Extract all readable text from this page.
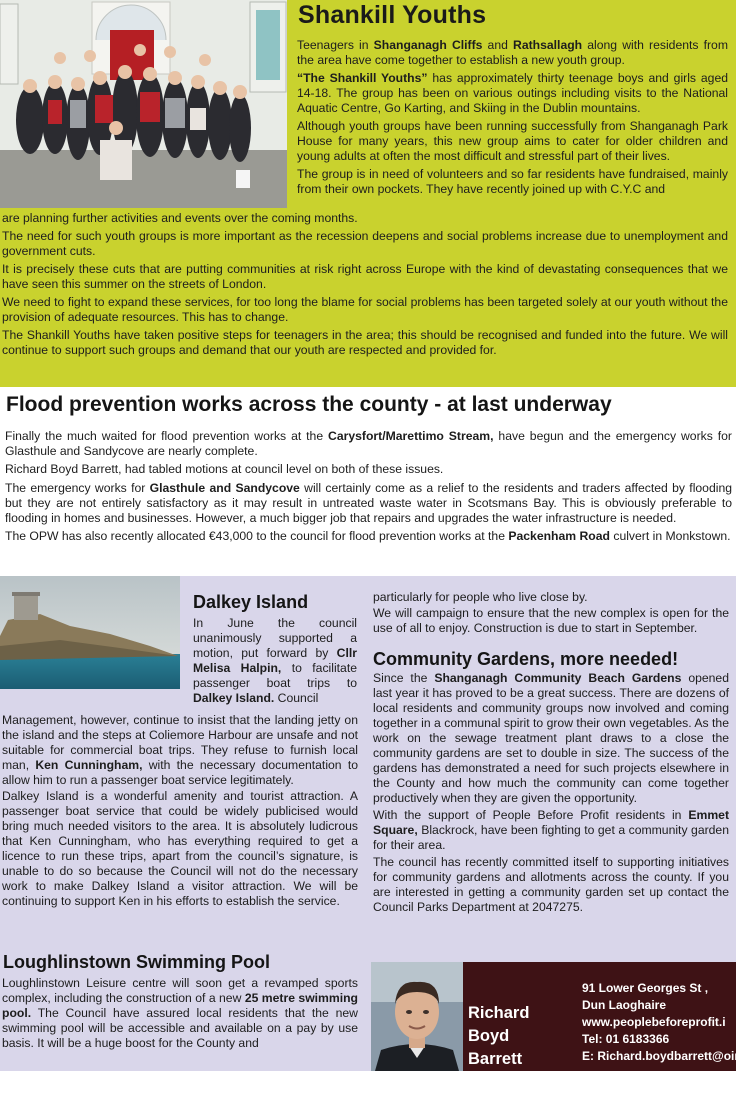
Shankill Youths

Teenagers in Shanganagh Cliffs and Rathsallagh along with residents from the area have come together to establish a new youth group.

“The Shankill Youths” has approximately thirty teenage boys and girls aged 14-18. The group has been on various outings including visits to the National Aquatic Centre, Go Karting, and Skiing in the Dublin mountains.

Although youth groups have been running successfully from Shanganagh Park House for many years, this new group aims to cater for older children and young adults at often the most difficult and stressful part of their lives.

The group is in need of volunteers and so far residents have fundraised, mainly from their own pockets. They have recently joined up with C.Y.C and

are planning further activities and events over the coming months.

The need for such youth groups is more important as the recession deepens and social problems increase due to unemployment and government cuts.

It is precisely these cuts that are putting communities at risk right across Europe with the kind of devastating consequences that we have seen this summer on the streets of London.

We need to fight to expand these services, for too long the blame for social problems has been targeted solely at our youth without the provision of adequate resources. This has to change.

The Shankill Youths have taken positive steps for teenagers in the area; this should be recognised and funded into the future. We will continue to support such groups and demand that our youth are respected and provided for.

Flood prevention works across the county - at last underway

Finally the much waited for flood prevention works at the Carysfort/Marettimo Stream, have begun and the emergency works for Glasthule and Sandycove are nearly complete.

Richard Boyd Barrett, had tabled motions at council level on both of these issues.

The emergency works for Glasthule and Sandycove will certainly come as a relief to the residents and traders affected by flooding but they are not entirely satisfactory as it may result in untreated waste water in Scotsmans Bay. This is obviously preferable to flooding in homes and businesses. However, a much bigger job that repairs and upgrades the water infrastructure is needed.

The OPW has also recently allocated €43,000 to the council for flood prevention works at the Packenham Road culvert in Monkstown.

Dalkey Island
In June the council unanimously supported a motion, put forward by Cllr Melisa Halpin, to facilitate passenger boat trips to Dalkey Island. Council

Management, however, continue to insist that the landing jetty on the island and the steps at Coliemore Harbour are unsafe and not suitable for commercial boat trips. They refuse to furnish local man, Ken Cunningham, with the necessary documentation to allow him to run a passenger boat service legitimately.

Dalkey Island is a wonderful amenity and tourist attraction. A passenger boat service that could be widely publicised would bring much needed visitors to the area. It is absolutely ludicrous that Ken Cunningham, who has everything required to get a licence to run these trips, apart from the council’s signature, is unable to do so because the Council will not do the necessary work to make Dalkey Island a visitor attraction. We will be continuing to support Ken in his efforts to establish the service.

Loughlinstown Swimming Pool
Loughlinstown Leisure centre will soon get a revamped sports complex, including the construction of a new 25 metre swimming pool. The Council have assured local residents that the new swimming pool will be accessible and available on a pay by use basis. It will be a huge boost for the County and

particularly for people who live close by.

We will campaign to ensure that the new complex is open for the use of all to enjoy. Construction is due to start in September.

Community Gardens, more needed!

Since the Shanganagh Community Beach Gardens opened last year it has proved to be a great success. There are dozens of local residents and community groups now involved and coming together in a communal spirit to grow their own vegetables. As the work on the sewage treatment plant draws to a close the community gardens are set to double in size. The success of the gardens has demonstrated a need for such projects elsewhere in the County and how much the community can come together productively when they are given the opportunity.

With the support of People Before Profit residents in Emmet Square, Blackrock, have been fighting to get a community garden for their area.

The council has recently committed itself to supporting initiatives for community gardens and allotments across the county. If you are interested in getting a community garden set up contact the Council Parks Department at 2047275.

Richard
Boyd
Barrett TD
91 Lower Georges St ,
Dun Laoghaire
www.peoplebeforeprofit.i
Tel: 01 6183366
E: Richard.boydbarrett@oir.
